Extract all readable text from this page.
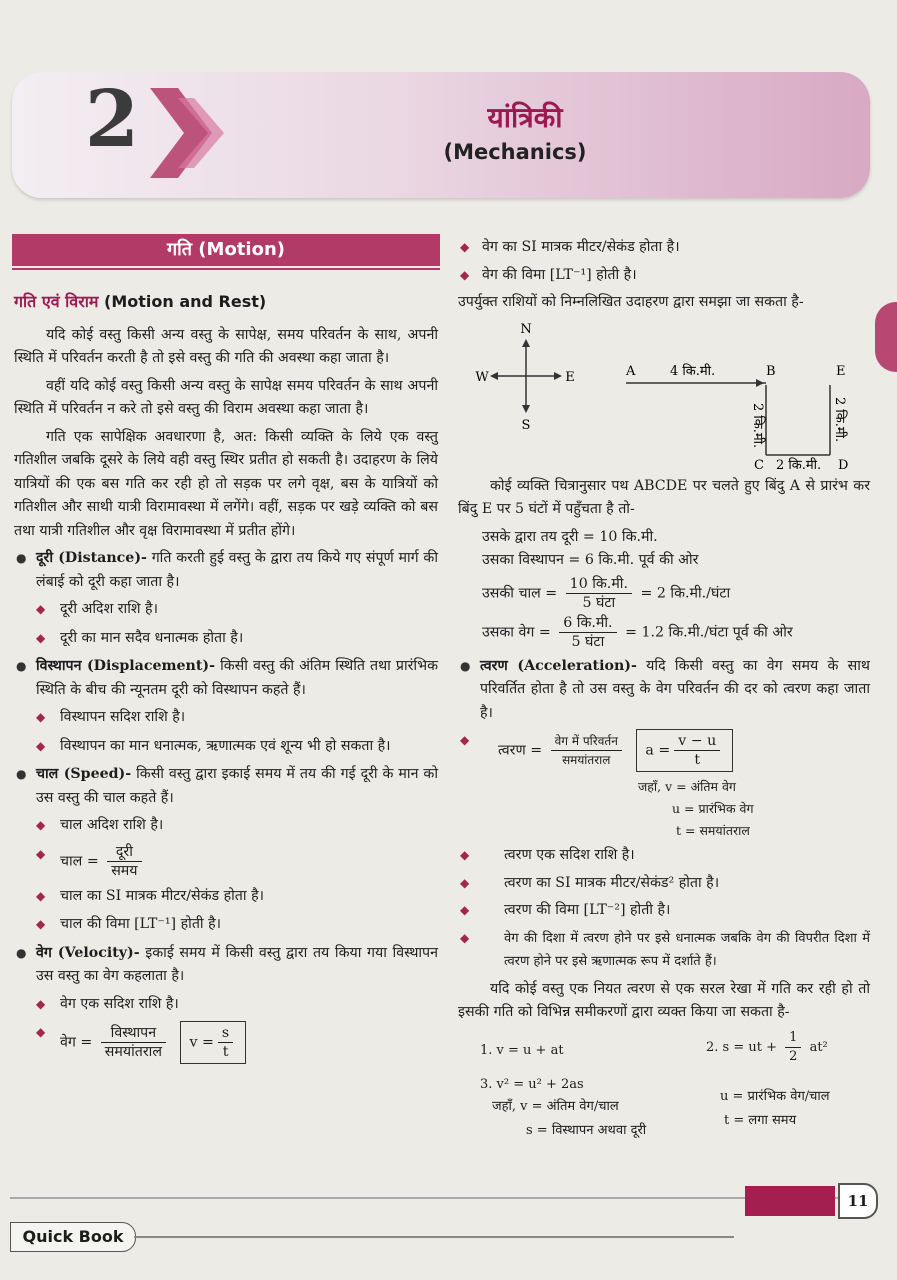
2	यांत्रिकी
(Mechanics)
गति (Motion)
गति एवं विराम (Motion and Rest)

यदि कोई वस्तु किसी अन्य वस्तु के सापेक्ष, समय परिवर्तन के साथ, अपनी स्थिति में परिवर्तन करती है तो इसे वस्तु की गति की अवस्था कहा जाता है।

वहीं यदि कोई वस्तु किसी अन्य वस्तु के सापेक्ष समय परिवर्तन के साथ अपनी स्थिति में परिवर्तन न करे तो इसे वस्तु की विराम अवस्था कहा जाता है।

गति एक सापेक्षिक अवधारणा है, अत: किसी व्यक्ति के लिये एक वस्तु गतिशील जबकि दूसरे के लिये वही वस्तु स्थिर प्रतीत हो सकती है। उदाहरण के लिये यात्रियों की एक बस गति कर रही हो तो सड़क पर लगे वृक्ष, बस के यात्रियों को गतिशील और साथी यात्री विरामावस्था में लगेंगे। वहीं, सड़क पर खड़े व्यक्ति को बस तथा यात्री गतिशील और वृक्ष विरामावस्था में प्रतीत होंगे।

● दूरी (Distance)- गति करती हुई वस्तु के द्वारा तय किये गए संपूर्ण मार्ग की लंबाई को दूरी कहा जाता है।
◆ दूरी अदिश राशि है।
◆ दूरी का मान सदैव धनात्मक होता है।
● विस्थापन (Displacement)- किसी वस्तु की अंतिम स्थिति तथा प्रारंभिक स्थिति के बीच की न्यूनतम दूरी को विस्थापन कहते हैं।
◆ विस्थापन सदिश राशि है।
◆ विस्थापन का मान धनात्मक, ऋणात्मक एवं शून्य भी हो सकता है।
● चाल (Speed)- किसी वस्तु द्वारा इकाई समय में तय की गई दूरी के मान को उस वस्तु की चाल कहते हैं।
◆ चाल अदिश राशि है।
◆ चाल = $\frac{\text{दूरी}}{\text{समय}}$
◆ चाल का SI मात्रक मीटर/सेकंड होता है।
◆ चाल की विमा [LT⁻¹] होती है।
● वेग (Velocity)- इकाई समय में किसी वस्तु द्वारा तय किया गया विस्थापन उस वस्तु का वेग कहलाता है।
◆ वेग एक सदिश राशि है।
◆ वेग = $\frac{\text{विस्थापन}}{\text{समयांतराल}}$ $v = \frac{s}{t}$
◆ वेग का SI मात्रक मीटर/सेकंड होता है।
◆ वेग की विमा [LT⁻¹] होती है।
उपर्युक्त राशियों को निम्नलिखित उदाहरण द्वारा समझा जा सकता है-
N
W	E
S
A	4 कि.मी.	B	E
2 कि.मी.	2 कि.मी.
C 2 कि.मी. D

कोई व्यक्ति चित्रानुसार पथ ABCDE पर चलते हुए बिंदु A से प्रारंभ कर बिंदु E पर 5 घंटों में पहुँचता है तो-

उसके द्वारा तय दूरी = 10 कि.मी.
उसका विस्थापन = 6 कि.मी. पूर्व की ओर
उसकी चाल = $\frac{\text{10 कि.मी.}}{\text{5 घंटा}} = 2$ कि.मी./घंटा
उसका वेग = $\frac{\text{6 कि.मी.}}{\text{5 घंटा}} = 1.2$ कि.मी./घंटा पूर्व की ओर
● त्वरण (Acceleration)- यदि किसी वस्तु का वेग समय के साथ परिवर्तित होता है तो उस वस्तु के वेग परिवर्तन की दर को त्वरण कहा जाता है।
◆ त्वरण = $\frac{\text{वेग में परिवर्तन}}{\text{समयांतराल}}$ $a = \frac{v - u}{t}$
जहाँ, v = अंतिम वेग
u = प्रारंभिक वेग
t = समयांतराल
◆ त्वरण एक सदिश राशि है।
◆ त्वरण का SI मात्रक मीटर/सेकंड² होता है।
◆ त्वरण की विमा [LT⁻²] होती है।
◆ वेग की दिशा में त्वरण होने पर इसे धनात्मक जबकि वेग की विपरीत दिशा में त्वरण होने पर इसे ऋणात्मक रूप में दर्शाते हैं।

यदि कोई वस्तु एक नियत त्वरण से एक सरल रेखा में गति कर रही हो तो इसकी गति को विभिन्न समीकरणों द्वारा व्यक्त किया जा सकता है-

1. v = u + at	2. s = ut + $\frac{1}{2} at^2$
3. v² = u² + 2as
जहाँ, v = अंतिम वेग/चाल
s = विस्थापन अथवा दूरी
u = प्रारंभिक वेग/चाल
t = लगा समय
11
Quick Book
